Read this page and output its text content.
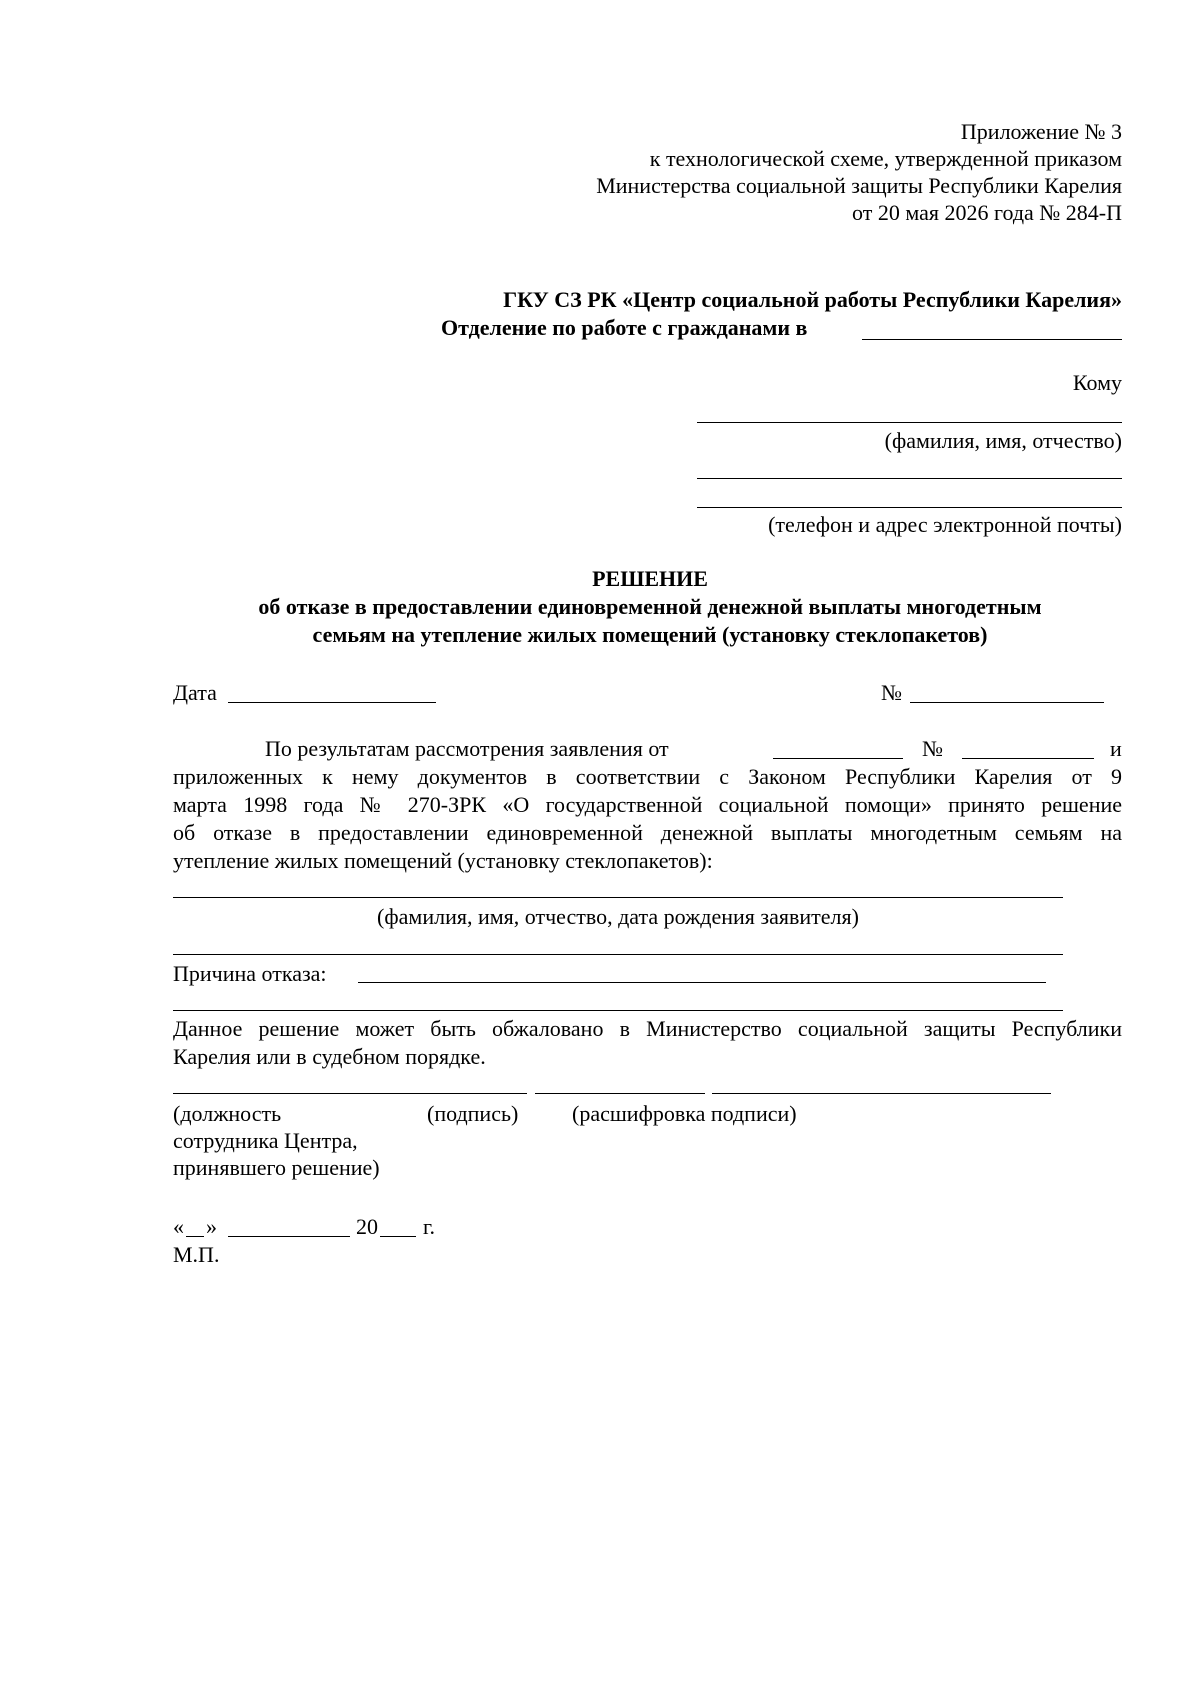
Приложение № 3
к технологической схеме, утвержденной приказом
Министерства социальной защиты Республики Карелия
от 20 мая 2026 года № 284-П
ГКУ СЗ РК «Центр социальной работы Республики Карелия»
Отделение по работе с гражданами в
Кому
(фамилия, имя, отчество)
(телефон и адрес электронной почты)
РЕШЕНИЕ
об отказе в предоставлении единовременной денежной выплаты многодетным
семьям на утепление жилых помещений (установку стеклопакетов)
Дата	№
По результатам рассмотрения заявления от	№	и
приложенных к нему документов в соответствии с Законом Республики Карелия от 9
марта 1998 года № 270-ЗРК «О государственной социальной помощи» принято решение
об отказе в предоставлении единовременной денежной выплаты многодетным семьям на
утепление жилых помещений (установку стеклопакетов):
(фамилия, имя, отчество, дата рождения заявителя)
Причина отказа:
Данное решение может быть обжаловано в Министерство социальной защиты Республики
Карелия или в судебном порядке.
(должность
сотрудника Центра,
принявшего решение)
(подпись) (расшифровка подписи)
« »	20 г.
М.П.
